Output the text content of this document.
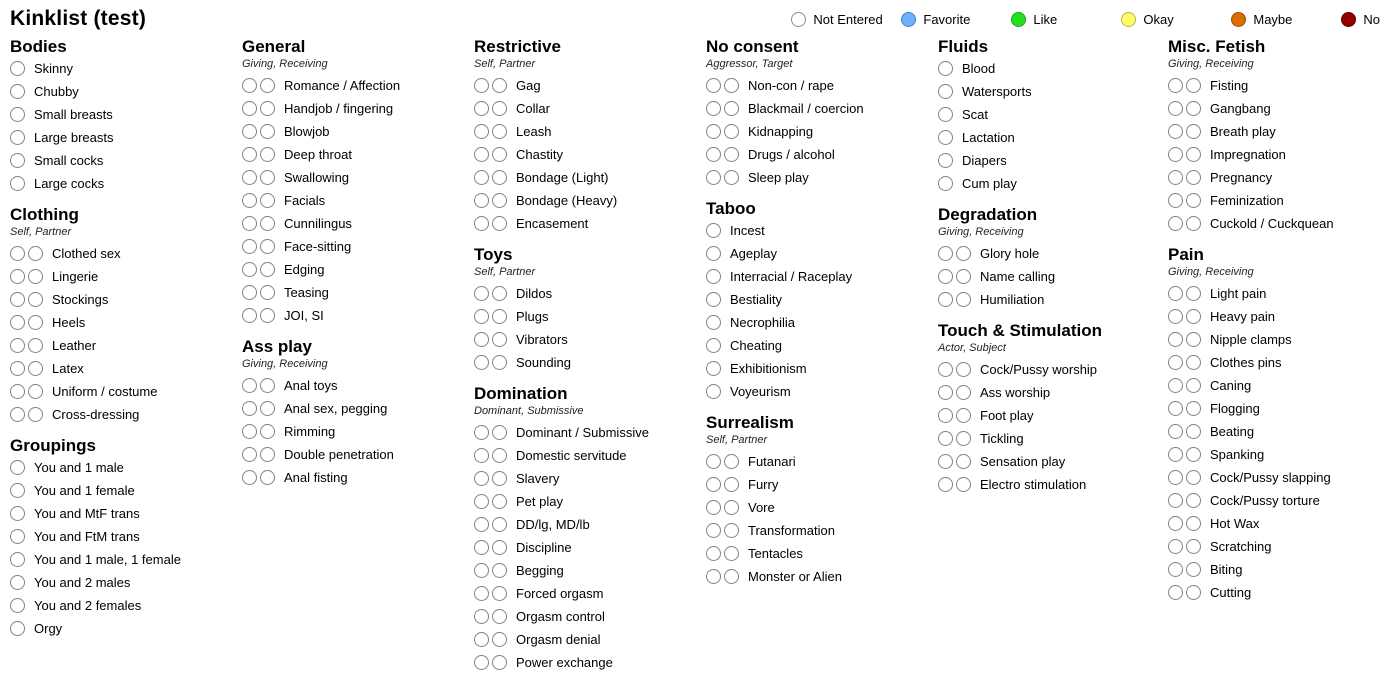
Kinklist (test)	Not Entered	Favorite	Like	Okay	Maybe	No
Bodies
Skinny
Chubby
Small breasts
Large breasts
Small cocks
Large cocks
Clothing
Self, Partner
Clothed sex
Lingerie
Stockings
Heels
Leather
Latex
Uniform / costume
Cross-dressing
Groupings
You and 1 male
You and 1 female
You and MtF trans
You and FtM trans
You and 1 male, 1 female
You and 2 males
You and 2 females
Orgy
General
Giving, Receiving
Romance / Affection
Handjob / fingering
Blowjob
Deep throat
Swallowing
Facials
Cunnilingus
Face-sitting
Edging
Teasing
JOI, SI
Ass play
Giving, Receiving
Anal toys
Anal sex, pegging
Rimming
Double penetration
Anal fisting
Restrictive
Self, Partner
Gag
Collar
Leash
Chastity
Bondage (Light)
Bondage (Heavy)
Encasement
Toys
Self, Partner
Dildos
Plugs
Vibrators
Sounding
Domination
Dominant, Submissive
Dominant / Submissive
Domestic servitude
Slavery
Pet play
DD/lg, MD/lb
Discipline
Begging
Forced orgasm
Orgasm control
Orgasm denial
Power exchange
No consent
Aggressor, Target
Non-con / rape
Blackmail / coercion
Kidnapping
Drugs / alcohol
Sleep play
Taboo
Incest
Ageplay
Interracial / Raceplay
Bestiality
Necrophilia
Cheating
Exhibitionism
Voyeurism
Surrealism
Self, Partner
Futanari
Furry
Vore
Transformation
Tentacles
Monster or Alien
Fluids
Blood
Watersports
Scat
Lactation
Diapers
Cum play
Degradation
Giving, Receiving
Glory hole
Name calling
Humiliation
Touch & Stimulation
Actor, Subject
Cock/Pussy worship
Ass worship
Foot play
Tickling
Sensation play
Electro stimulation
Misc. Fetish
Giving, Receiving
Fisting
Gangbang
Breath play
Impregnation
Pregnancy
Feminization
Cuckold / Cuckquean
Pain
Giving, Receiving
Light pain
Heavy pain
Nipple clamps
Clothes pins
Caning
Flogging
Beating
Spanking
Cock/Pussy slapping
Cock/Pussy torture
Hot Wax
Scratching
Biting
Cutting
